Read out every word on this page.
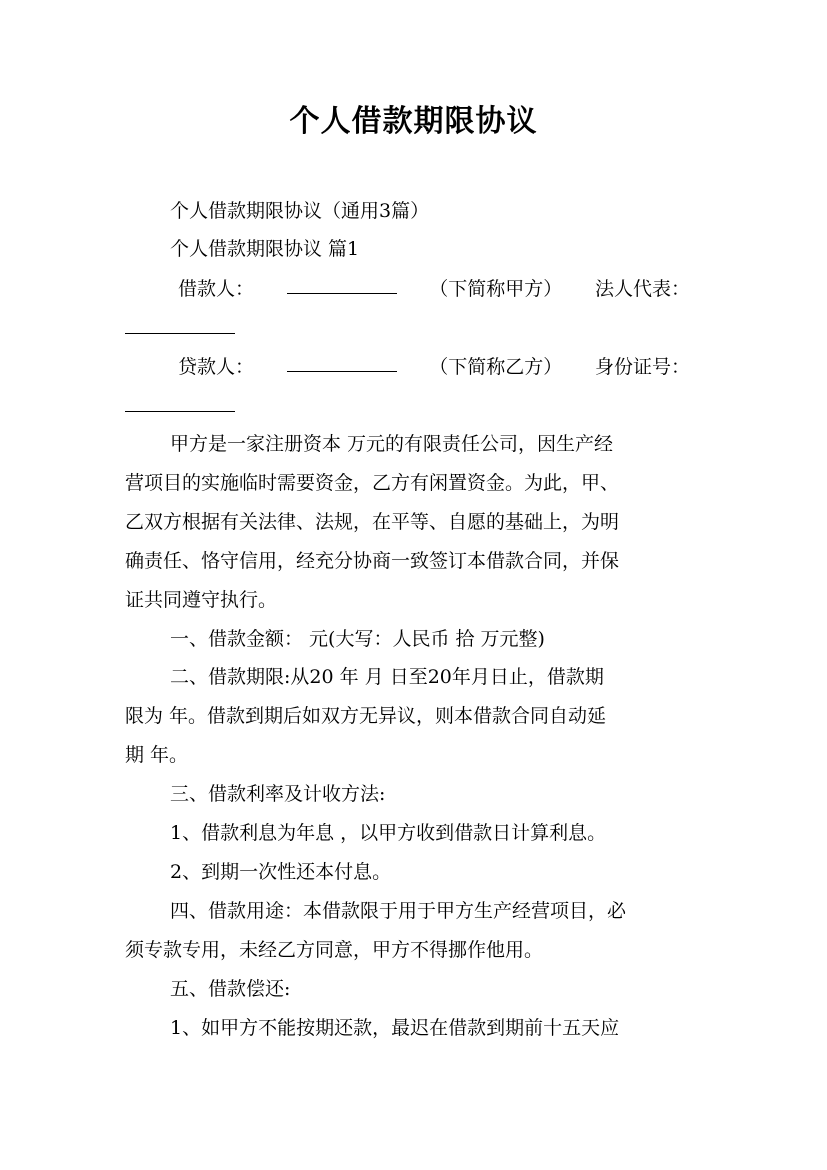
个人借款期限协议
个人借款期限协议（通用3篇）
个人借款期限协议 篇1
借款人：	（下简称甲方） 法人代表：
贷款人：	（下简称乙方） 身份证号：
甲方是一家注册资本 万元的有限责任公司，因生产经
营项目的实施临时需要资金，乙方有闲置资金。为此，甲、
乙双方根据有关法律、法规，在平等、自愿的基础上，为明
确责任、恪守信用，经充分协商一致签订本借款合同，并保
证共同遵守执行。
一、借款金额： 元(大写：人民币 拾 万元整)
二、借款期限:从20 年 月 日至20年月日止，借款期
限为 年。借款到期后如双方无异议，则本借款合同自动延
期 年。
三、借款利率及计收方法:
1、借款利息为年息 ，以甲方收到借款日计算利息。
2、到期一次性还本付息。
四、借款用途：本借款限于用于甲方生产经营项目，必
须专款专用，未经乙方同意，甲方不得挪作他用。
五、借款偿还:
1、如甲方不能按期还款，最迟在借款到期前十五天应
